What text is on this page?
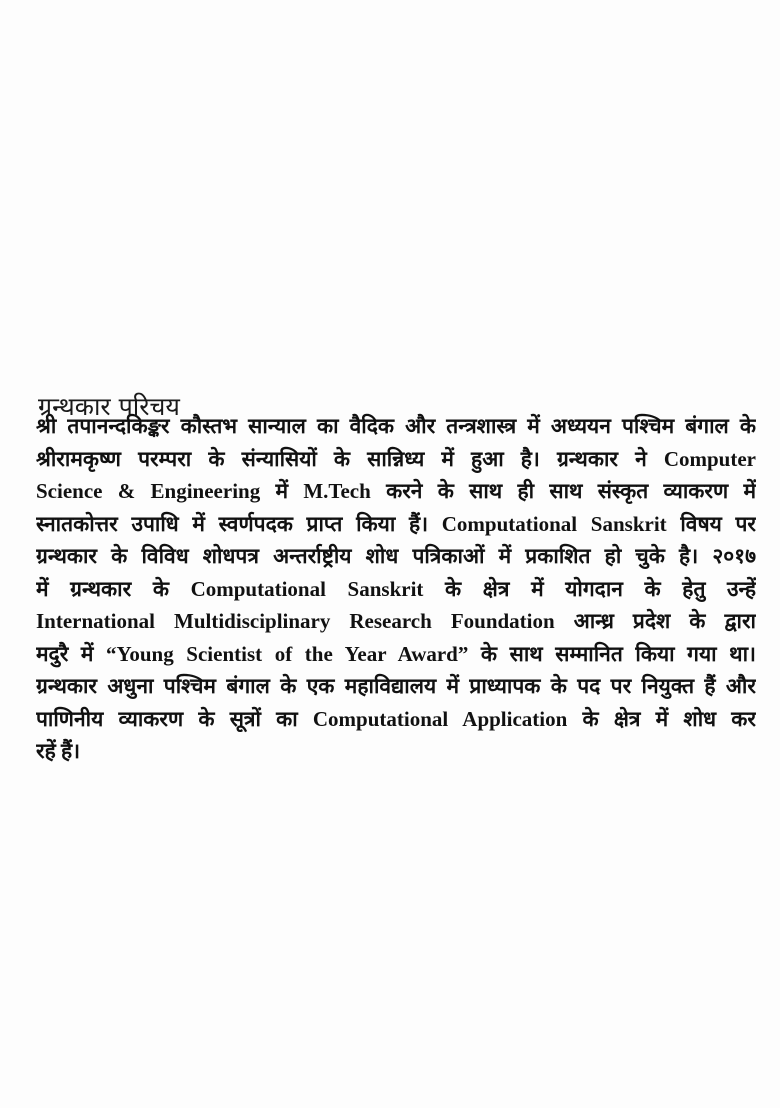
ग्रन्थकार परिचय
श्री तपानन्दकिङ्कर कौस्तभ सान्याल का वैदिक और तन्त्रशास्त्र में अध्ययन पश्चिम बंगाल के
श्रीरामकृष्ण परम्परा के संन्यासियों के सान्निध्य में हुआ है। ग्रन्थकार ने Computer
Science & Engineering में M.Tech करने के साथ ही साथ संस्कृत व्याकरण में
स्नातकोत्तर उपाधि में स्वर्णपदक प्राप्त किया हैं। Computational Sanskrit विषय पर
ग्रन्थकार के विविध शोधपत्र अन्तर्राष्ट्रीय शोध पत्रिकाओं में प्रकाशित हो चुके है। २०१७
में ग्रन्थकार के Computational Sanskrit के क्षेत्र में योगदान के हेतु उन्हें
International Multidisciplinary Research Foundation आन्ध्र प्रदेश के द्वारा
मदुरै में “Young Scientist of the Year Award” के साथ सम्मानित किया गया था।
ग्रन्थकार अधुना पश्चिम बंगाल के एक महाविद्यालय में प्राध्यापक के पद पर नियुक्त हैं और
पाणिनीय व्याकरण के सूत्रों का Computational Application के क्षेत्र में शोध कर
रहें हैं।
